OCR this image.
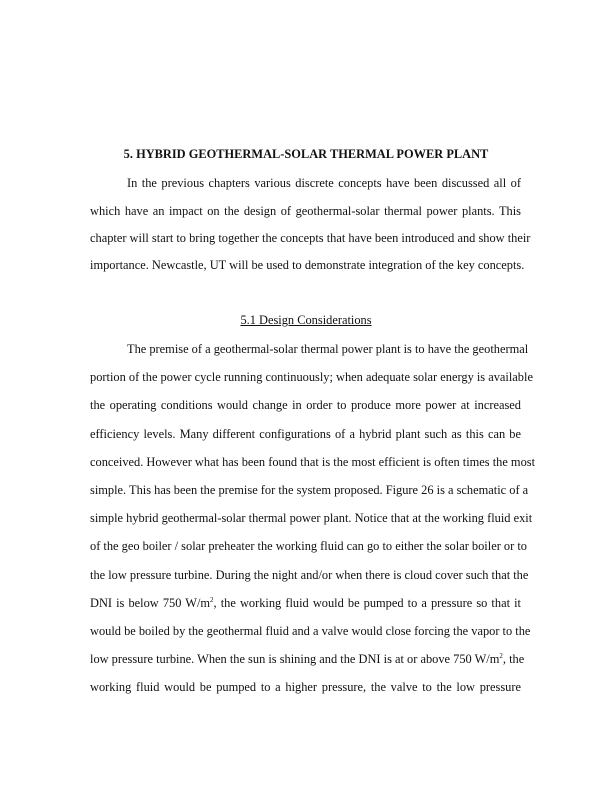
5. HYBRID GEOTHERMAL-SOLAR THERMAL POWER PLANT
In the previous chapters various discrete concepts have been discussed all of
which have an impact on the design of geothermal-solar thermal power plants. This
chapter will start to bring together the concepts that have been introduced and show their
importance. Newcastle, UT will be used to demonstrate integration of the key concepts.
5.1 Design Considerations
The premise of a geothermal-solar thermal power plant is to have the geothermal
portion of the power cycle running continuously; when adequate solar energy is available
the operating conditions would change in order to produce more power at increased
efficiency levels. Many different configurations of a hybrid plant such as this can be
conceived. However what has been found that is the most efficient is often times the most
simple. This has been the premise for the system proposed. Figure 26 is a schematic of a
simple hybrid geothermal-solar thermal power plant. Notice that at the working fluid exit
of the geo boiler / solar preheater the working fluid can go to either the solar boiler or to
the low pressure turbine. During the night and/or when there is cloud cover such that the
DNI is below 750 $W/m^2$, the working fluid would be pumped to a pressure so that it
would be boiled by the geothermal fluid and a valve would close forcing the vapor to the
low pressure turbine. When the sun is shining and the DNI is at or above 750 $W/m^2$, the
working fluid would be pumped to a higher pressure, the valve to the low pressure
